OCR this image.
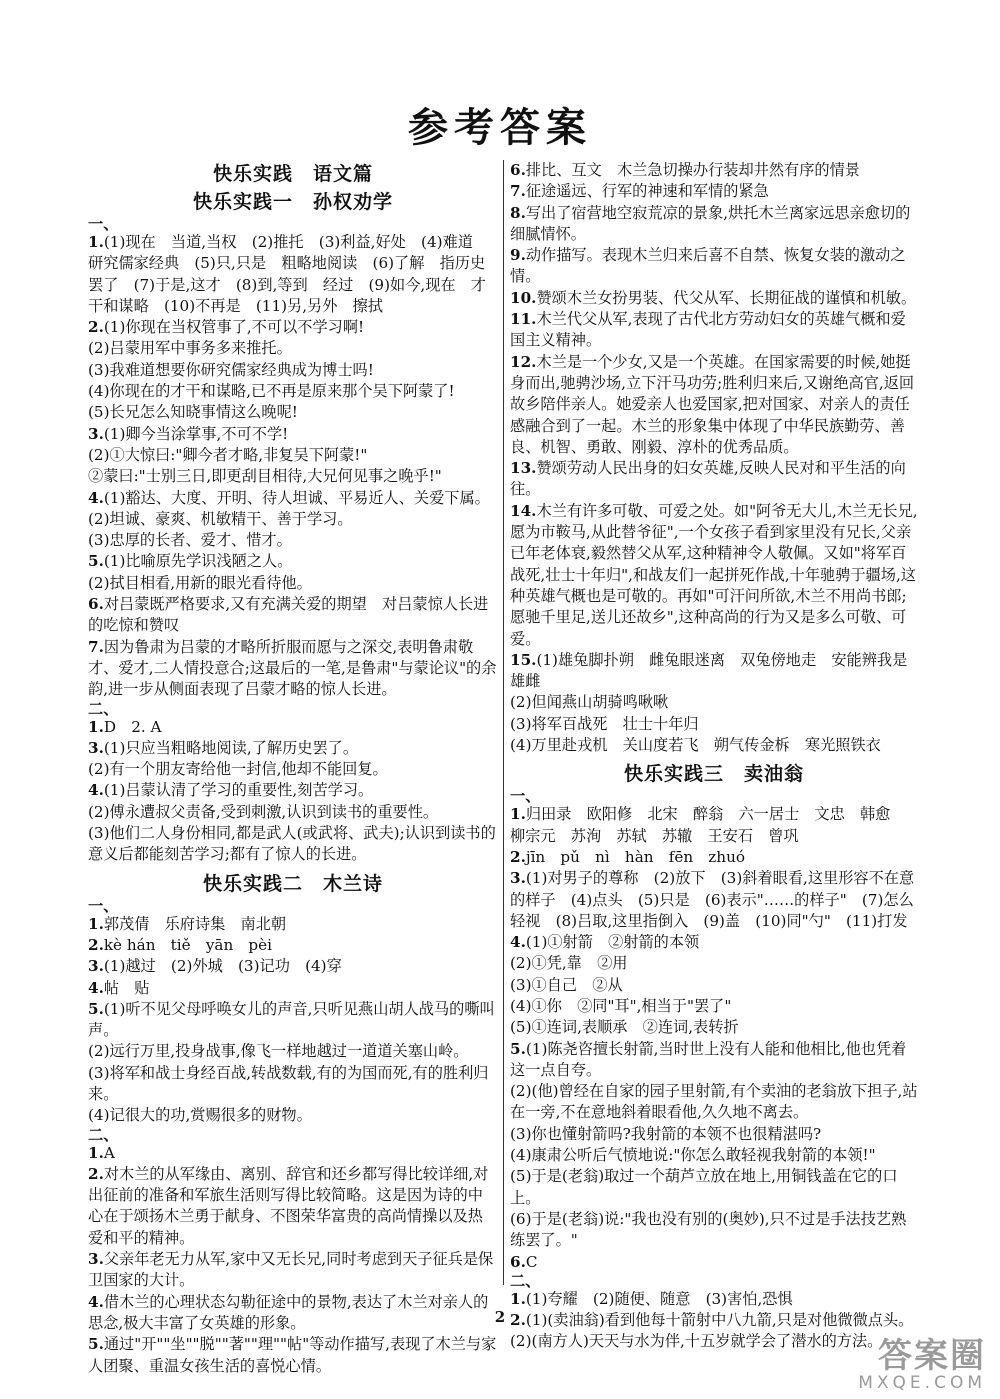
参考答案
快乐实践　语文篇
快乐实践一　孙权劝学
一、
1.(1)现在　当道,当权　(2)推托　(3)利益,好处　(4)难道　研究儒家经典　(5)只,只是　粗略地阅读　(6)了解　指历史　罢了　(7)于是,这才　(8)到,等到　经过　(9)如今,现在　才干和谋略　(10)不再是　(11)另,另外　擦拭
2.(1)你现在当权管事了,不可以不学习啊!
(2)吕蒙用军中事务多来推托。
(3)我难道想要你研究儒家经典成为博士吗!
(4)你现在的才干和谋略,已不再是原来那个吴下阿蒙了!
(5)长兄怎么知晓事情这么晚呢!
3.(1)卿今当涂掌事,不可不学!
(2)①大惊曰:"卿今者才略,非复吴下阿蒙!"
②蒙曰:"士别三日,即更刮目相待,大兄何见事之晚乎!"
4.(1)豁达、大度、开明、待人坦诚、平易近人、关爱下属。
(2)坦诚、豪爽、机敏精干、善于学习。
(3)忠厚的长者、爱才、惜才。
5.(1)比喻原先学识浅陋之人。
(2)拭目相看,用新的眼光看待他。
6.对吕蒙既严格要求,又有充满关爱的期望　对吕蒙惊人长进的吃惊和赞叹
7.因为鲁肃为吕蒙的才略所折服而愿与之深交,表明鲁肃敬才、爱才,二人情投意合;这最后的一笔,是鲁肃"与蒙论议"的余韵,进一步从侧面表现了吕蒙才略的惊人长进。
二、
1.D　2. A
3.(1)只应当粗略地阅读,了解历史罢了。
(2)有一个朋友寄给他一封信,他却不能回复。
4.(1)吕蒙认清了学习的重要性,刻苦学习。
(2)傅永遭叔父责备,受到刺激,认识到读书的重要性。
(3)他们二人身份相同,都是武人(或武将、武夫);认识到读书的意义后都能刻苦学习;都有了惊人的长进。
快乐实践二　木兰诗
一、
1.郭茂倩　乐府诗集　南北朝
2.kè hán　tiě　yān　pèi
3.(1)越过　(2)外城　(3)记功　(4)穿
4.帖　贴
5.(1)听不见父母呼唤女儿的声音,只听见燕山胡人战马的嘶叫声。
(2)远行万里,投身战事,像飞一样地越过一道道关塞山岭。
(3)将军和战士身经百战,转战数载,有的为国而死,有的胜利归来。
(4)记很大的功,赏赐很多的财物。
二、
1.A
2.对木兰的从军缘由、离别、辞官和还乡都写得比较详细,对出征前的准备和军旅生活则写得比较简略。这是因为诗的中心在于颂扬木兰勇于献身、不图荣华富贵的高尚情操以及热爱和平的精神。
3.父亲年老无力从军,家中又无长兄,同时考虑到天子征兵是保卫国家的大计。
4.借木兰的心理状态勾勒征途中的景物,表达了木兰对亲人的思念,极大丰富了女英雄的形象。
5.通过"开""坐""脱""著""理""帖"等动作描写,表现了木兰与家人团聚、重温女孩生活的喜悦心情。
6.排比、互文　木兰急切操办行装却井然有序的情景
7.征途遥远、行军的神速和军情的紧急
8.写出了宿营地空寂荒凉的景象,烘托木兰离家远思亲愈切的细腻情怀。
9.动作描写。表现木兰归来后喜不自禁、恢复女装的激动之情。
10.赞颂木兰女扮男装、代父从军、长期征战的谨慎和机敏。
11.木兰代父从军,表现了古代北方劳动妇女的英雄气概和爱国主义精神。
12.木兰是一个少女,又是一个英雄。在国家需要的时候,她挺身而出,驰骋沙场,立下汗马功劳;胜利归来后,又谢绝高官,返回故乡陪伴亲人。她爱亲人也爱国家,把对国家、对亲人的责任感融合到了一起。木兰的形象集中体现了中华民族勤劳、善良、机智、勇敢、刚毅、淳朴的优秀品质。
13.赞颂劳动人民出身的妇女英雄,反映人民对和平生活的向往。
14.木兰有许多可敬、可爱之处。如"阿爷无大儿,木兰无长兄,愿为市鞍马,从此替爷征",一个女孩子看到家里没有兄长,父亲已年老体衰,毅然替父从军,这种精神令人敬佩。又如"将军百战死,壮士十年归",和战友们一起拼死作战,十年驰骋于疆场,这种英雄气概也是可敬的。再如"可汗问所欲,木兰不用尚书郎;愿驰千里足,送儿还故乡",这种高尚的行为又是多么可敬、可爱。
15.(1)雄兔脚扑朔　雌兔眼迷离　双兔傍地走　安能辨我是雄雌
(2)但闻燕山胡骑鸣啾啾
(3)将军百战死　壮士十年归
(4)万里赴戎机　关山度若飞　朔气传金柝　寒光照铁衣
快乐实践三　卖油翁
一、
1.归田录　欧阳修　北宋　醉翁　六一居士　文忠　韩愈　柳宗元　苏洵　苏轼　苏辙　王安石　曾巩
2.jīn　pǔ　nì　hàn　fēn　zhuó
3.(1)对男子的尊称　(2)放下　(3)斜着眼看,这里形容不在意的样子　(4)点头　(5)只是　(6)表示"……的样子"　(7)怎么　轻视　(8)吕取,这里指倒入　(9)盖　(10)同"勺"　(11)打发
4.(1)①射箭　②射箭的本领
(2)①凭,靠　②用
(3)①自己　②从
(4)①你　②同"耳",相当于"罢了"
(5)①连词,表顺承　②连词,表转折
5.(1)陈尧咨擅长射箭,当时世上没有人能和他相比,他也凭着这一点自夸。
(2)(他)曾经在自家的园子里射箭,有个卖油的老翁放下担子,站在一旁,不在意地斜着眼看他,久久地不离去。
(3)你也懂射箭吗?我射箭的本领不也很精湛吗?
(4)康肃公听后气愤地说:"你怎么敢轻视我射箭的本领!"
(5)于是(老翁)取过一个葫芦立放在地上,用铜钱盖在它的口上。
(6)于是(老翁)说:"我也没有别的(奥妙),只不过是手法技艺熟练罢了。"
6.C
二、
1.(1)夸耀　(2)随便、随意　(3)害怕,恐惧
2.(1)(卖油翁)看到他每十箭射中八九箭,只是对他微微点头。
(2)(南方人)天天与水为伴,十五岁就学会了潜水的方法。
2
答案圈
MXQE.COM
